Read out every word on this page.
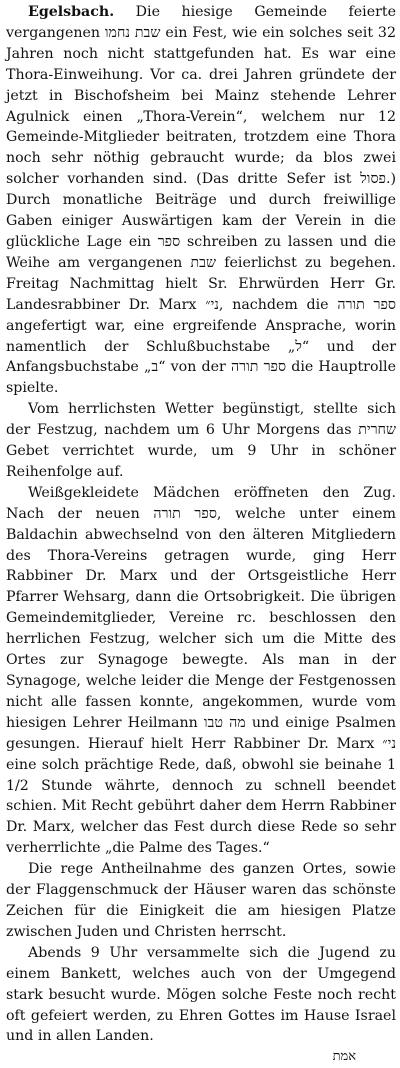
Egelsbach. Die hiesige Gemeinde feierte vergangenen שבת נחמו ein Fest, wie ein solches seit 32 Jahren noch nicht stattgefunden hat. Es war eine Thora-Einweihung. Vor ca. drei Jahren gründete der jetzt in Bischofsheim bei Mainz stehende Lehrer Agulnick einen „Thora-Verein“, welchem nur 12 Gemeinde-Mitglieder beitraten, trotzdem eine Thora noch sehr nöthig gebraucht wurde; da blos zwei solcher vorhanden sind. (Das dritte Sefer ist פסול.) Durch monatliche Beiträge und durch freiwillige Gaben einiger Auswärtigen kam der Verein in die glückliche Lage ein ספר schreiben zu lassen und die Weihe am vergangenen שבת feierlichst zu begehen. Freitag Nachmittag hielt Sr. Ehrwürden Herr Gr. Landesrabbiner Dr. Marx ני״, nachdem die ספר תורה angefertigt war, eine ergreifende Ansprache, worin namentlich der Schlußbuchstabe „ל“ und der Anfangsbuchstabe „ב“ von der ספר תורה die Hauptrolle spielte.

Vom herrlichsten Wetter begünstigt, stellte sich der Festzug, nachdem um 6 Uhr Morgens das שחרית Gebet verrichtet wurde, um 9 Uhr in schöner Reihenfolge auf.

Weißgekleidete Mädchen eröffneten den Zug. Nach der neuen ספר תורה, welche unter einem Baldachin abwechselnd von den älteren Mitgliedern des Thora-Vereins getragen wurde, ging Herr Rabbiner Dr. Marx und der Ortsgeistliche Herr Pfarrer Wehsarg, dann die Ortsobrigkeit. Die übrigen Gemeindemitglieder, Vereine rc. beschlossen den herrlichen Festzug, welcher sich um die Mitte des Ortes zur Synagoge bewegte. Als man in der Synagoge, welche leider die Menge der Festgenossen nicht alle fassen konnte, angekommen, wurde vom hiesigen Lehrer Heilmann מה טבו und einige Psalmen gesungen. Hierauf hielt Herr Rabbiner Dr. Marx ני״ eine solch prächtige Rede, daß, obwohl sie beinahe 1 1/2 Stunde währte, dennoch zu schnell beendet schien. Mit Recht gebührt daher dem Herrn Rabbiner Dr. Marx, welcher das Fest durch diese Rede so sehr verherrlichte „die Palme des Tages.“

Die rege Antheilnahme des ganzen Ortes, sowie der Flaggenschmuck der Häuser waren das schönste Zeichen für die Einigkeit die am hiesigen Platze zwischen Juden und Christen herrscht.

Abends 9 Uhr versammelte sich die Jugend zu einem Bankett, welches auch von der Umgegend stark besucht wurde. Mögen solche Feste noch recht oft gefeiert werden, zu Ehren Gottes im Hause Israel und in allen Landen.

אמת
